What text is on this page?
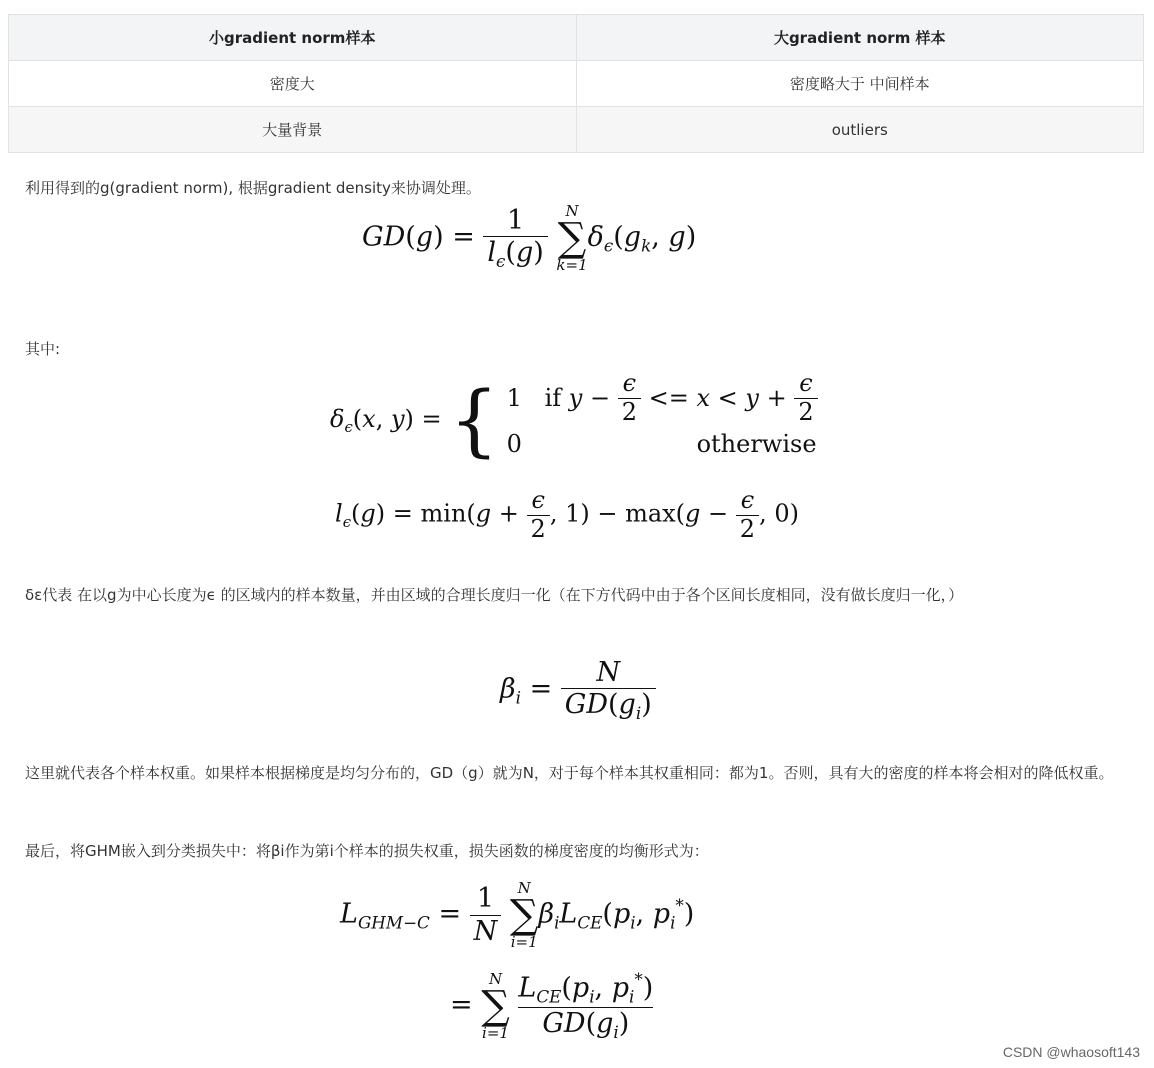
小gradient norm样本	大gradient norm 样本
密度大	密度略大于 中间样本
大量背景	outliers

利用得到的g(gradient norm), 根据gradient density来协调处理。

$GD(g) = \frac{1}{l_\epsilon(g)}$
	N
∑
k=1
$\delta_\epsilon(g_k$, g)

其中:

$\delta_\epsilon(x$, y) = { 1 if
$y - \frac{\epsilon}{2} <= x < y + \frac{\epsilon}{2}$
0	otherwise
$l_\epsilon(g) = \min(g + \frac{\epsilon}{2}$ , $1) - \max(g - \frac{\epsilon}{2}$ , 0)

δε代表 在以g为中心长度为ϵ 的区域内的样本数量，并由区域的合理长度归一化（在下方代码中由于各个区间长度相同，没有做长度归一化，）

$\beta_i = \frac{N}{GD(g_i)}$

这里就代表各个样本权重。如果样本根据梯度是均匀分布的，GD（g）就为N，对于每个样本其权重相同：都为1。否则，具有大的密度的样本将会相对的降低权重。

最后，将GHM嵌入到分类损失中：将βi作为第i个样本的损失权重，损失函数的梯度密度的均衡形式为：

$L_{GHM-C} = \frac{1}{N}$
	N
∑
i=1
$\beta_iL_{CE}(p_i$, $p_i^*$)
=
N
∑
i=1
$\frac{L_{CE}(p_i, p_i^*)}{GD(g_i)}$
CSDN @whaosoft143
